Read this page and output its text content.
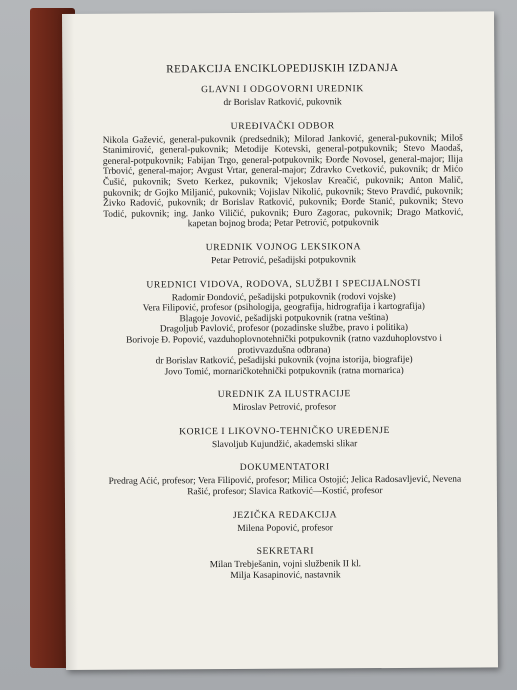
REDAKCIJA ENCIKLOPEDIJSKIH IZDANJA
GLAVNI I ODGOVORNI UREDNIK
dr Borislav Ratković, pukovnik
UREĐIVAČKI ODBOR
Nikola Gažević, general-pukovnik (predsednik); Milorad Janković, general-pukovnik; Miloš Stanimirović, general-pukovnik; Metodije Kotevski, general-potpukovnik; Stevo Maodaš, general-potpukovnik; Fabijan Trgo, general-potpukovnik; Đorđe Novosel, general-major; Ilija Trbović, general-major; Avgust Vrtar, general-major; Zdravko Cvetković, pukovnik; dr Mićo Čušić, pukovnik; Sveto Kerkez, pukovnik; Vjekoslav Kreačić, pukovnik; Anton Malič, pukovnik; dr Gojko Miljanić, pukovnik; Vojislav Nikolić, pukovnik; Stevo Pravdić, pukovnik; Živko Radović, pukovnik; dr Borislav Ratković, pukovnik; Đorđe Stanić, pukovnik; Stevo Todić, pukovnik; ing. Janko Viličić, pukovnik; Đuro Zagorac, pukovnik; Drago Matković, kapetan bojnog broda; Petar Petrović, potpukovnik
UREDNIK VOJNOG LEKSIKONA
Petar Petrović, pešadijski potpukovnik
UREDNICI VIDOVA, RODOVA, SLUŽBI I SPECIJALNOSTI
Radomir Đondović, pešadijski potpukovnik (rodovi vojske)
Vera Filipović, profesor (psihologija, geografija, hidrografija i kartografija)
Blagoje Jovović, pešadijski potpukovnik (ratna veština)
Dragoljub Pavlović, profesor (pozadinske službe, pravo i politika)
Borivoje Đ. Popović, vazduhoplovnotehnički potpukovnik (ratno vazduhoplovstvo i protivvazdušna odbrana)
dr Borislav Ratković, pešadijski pukovnik (vojna istorija, biografije)
Jovo Tomić, mornaričkotehnički potpukovnik (ratna mornarica)
UREDNIK ZA ILUSTRACIJE
Miroslav Petrović, profesor
KORICE I LIKOVNO-TEHNIČKO UREĐENJE
Slavoljub Kujundžić, akademski slikar
DOKUMENTATORI
Predrag Aćić, profesor; Vera Filipović, profesor; Milica Ostojić; Jelica Radosavljević, Nevena Rašić, profesor; Slavica Ratković—Kostić, profesor
JEZIČKA REDAKCIJA
Milena Popović, profesor
SEKRETARI
Milan Trebješanin, vojni službenik II kl.
Milja Kasapinović, nastavnik
